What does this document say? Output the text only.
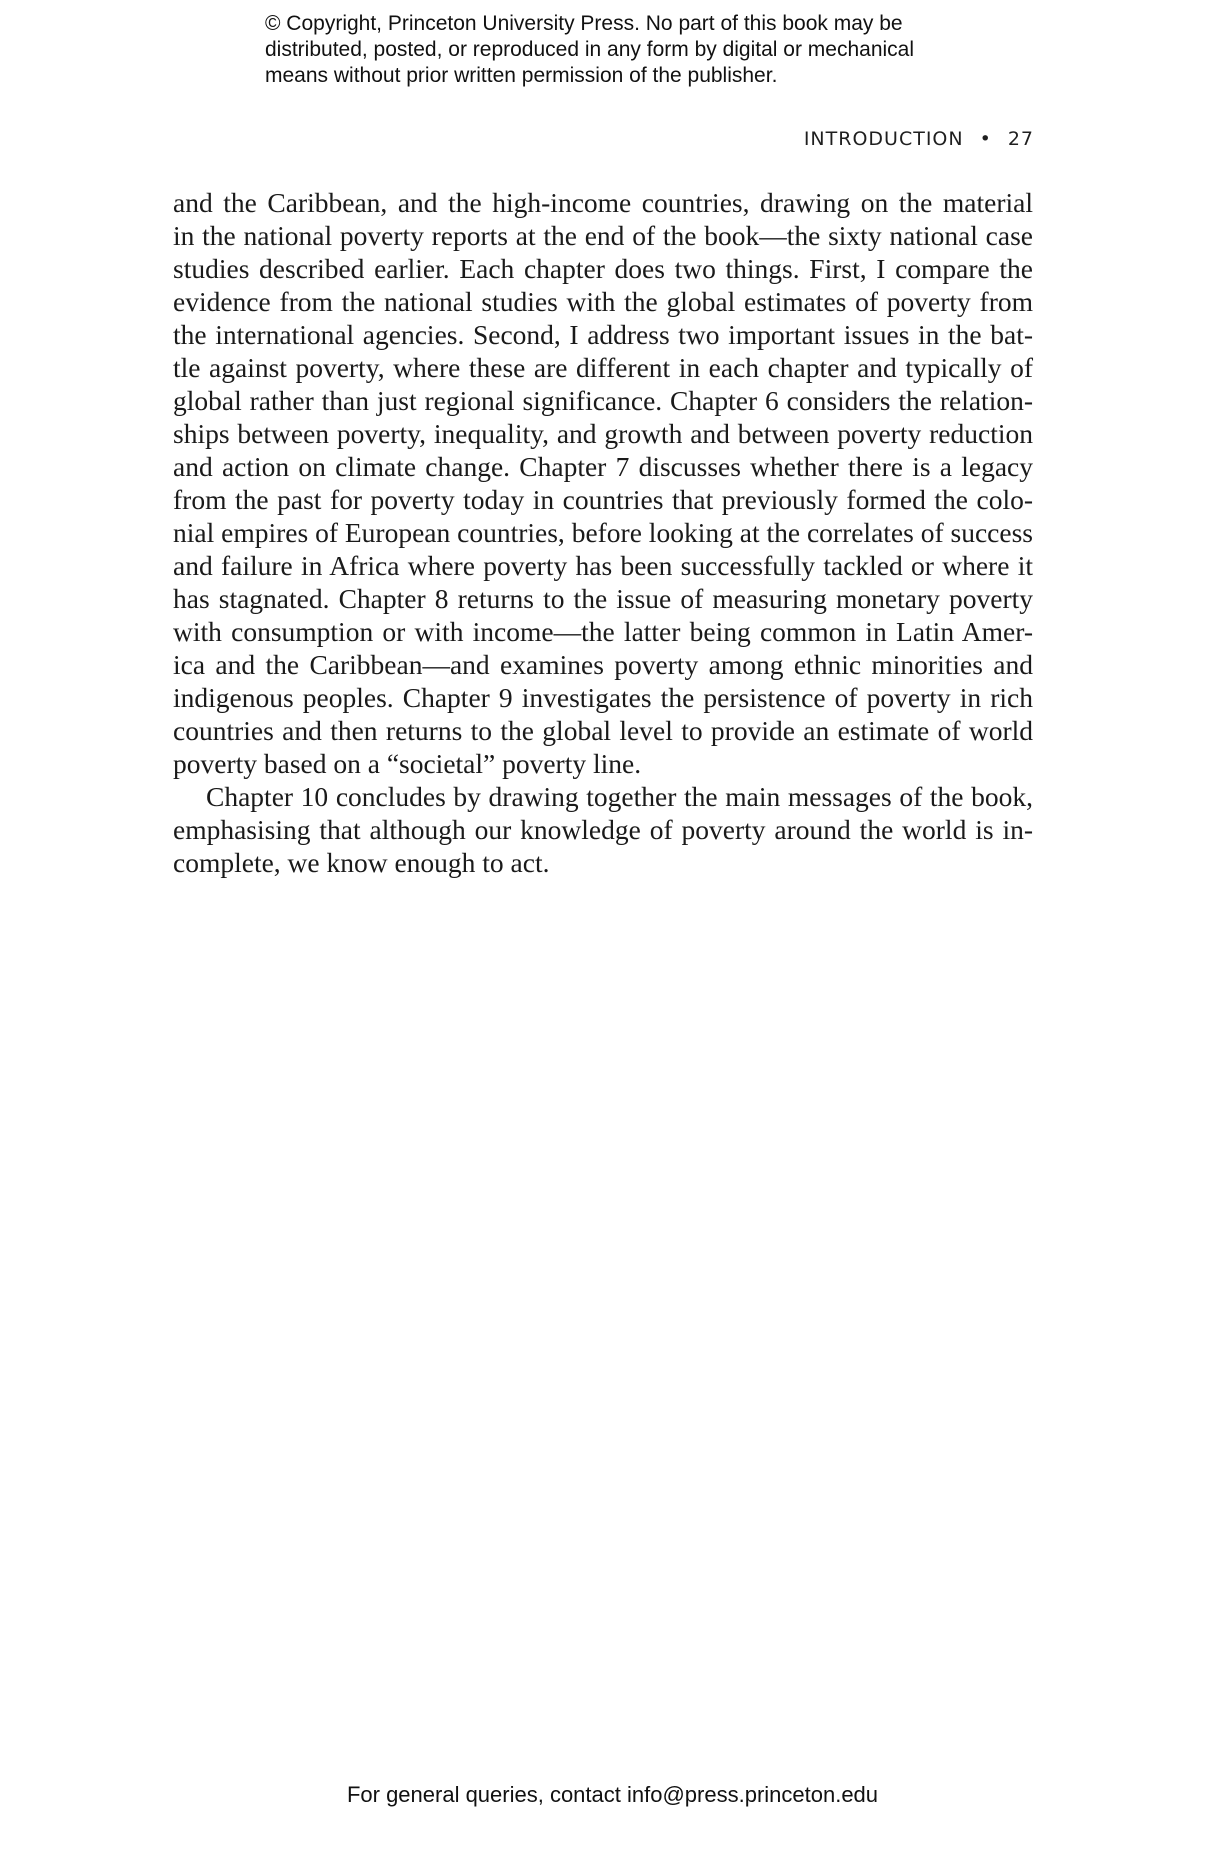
© Copyright, Princeton University Press. No part of this book may be
distributed, posted, or reproduced in any form by digital or mechanical
means without prior written permission of the publisher.
INTRODUCTION • 27
and the Caribbean, and the high-income countries, drawing on the material
in the national poverty reports at the end of the book—the sixty national case
studies described earlier. Each chapter does two things. First, I compare the
evidence from the national studies with the global estimates of poverty from
the international agencies. Second, I address two important issues in the bat-
tle against poverty, where these are different in each chapter and typically of
global rather than just regional significance. Chapter 6 considers the relation-
ships between poverty, inequality, and growth and between poverty reduction
and action on climate change. Chapter 7 discusses whether there is a legacy
from the past for poverty today in countries that previously formed the colo-
nial empires of European countries, before looking at the correlates of success
and failure in Africa where poverty has been successfully tackled or where it
has stagnated. Chapter 8 returns to the issue of measuring monetary poverty
with consumption or with income—the latter being common in Latin Amer-
ica and the Caribbean—and examines poverty among ethnic minorities and
indigenous peoples. Chapter 9 investigates the persistence of poverty in rich
countries and then returns to the global level to provide an estimate of world
poverty based on a “societal” poverty line.
Chapter 10 concludes by drawing together the main messages of the book,
emphasising that although our knowledge of poverty around the world is in-
complete, we know enough to act.
For general queries, contact info@press.princeton.edu
